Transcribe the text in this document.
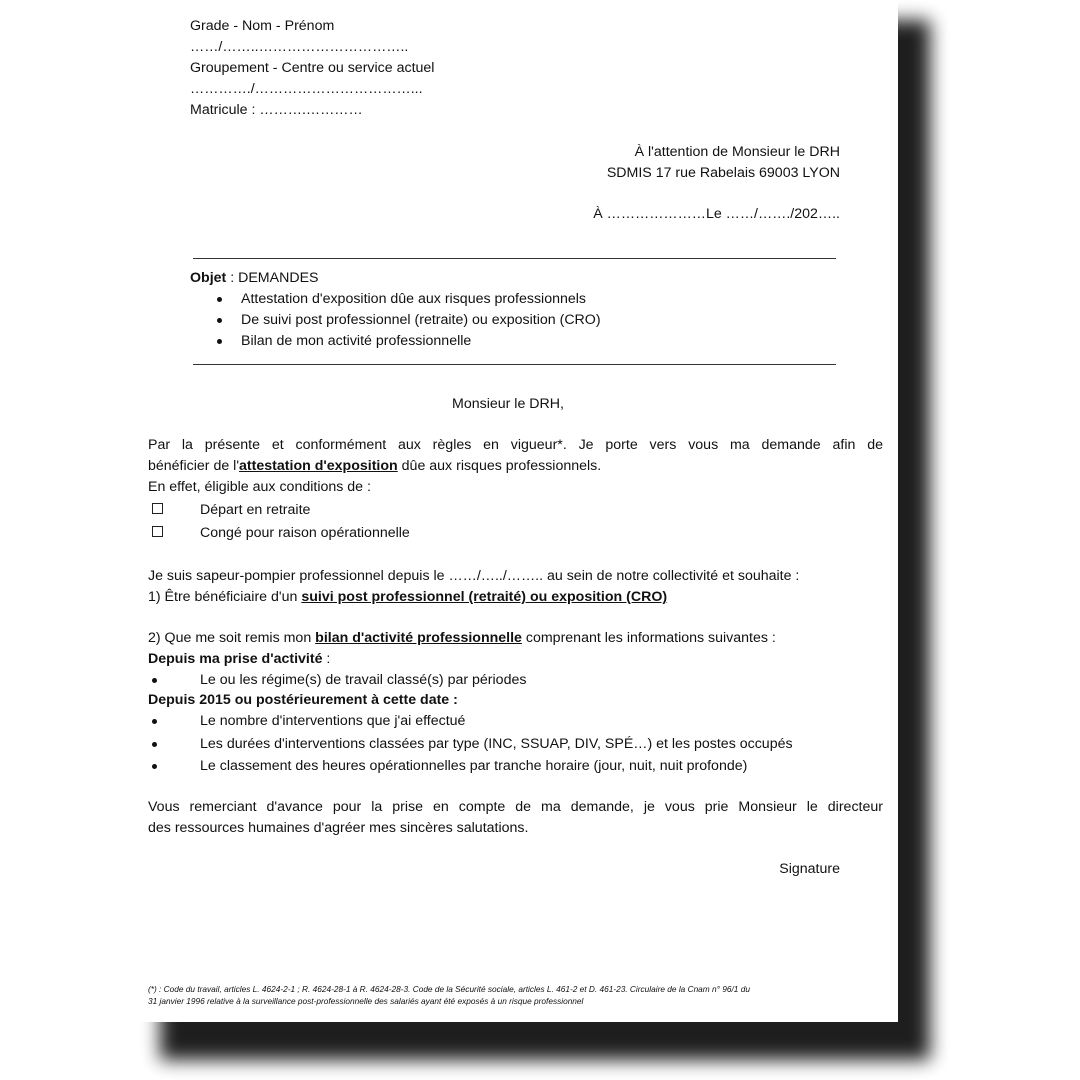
Grade - Nom - Prénom
……/……..…………………………..
Groupement - Centre ou service actuel
…………./……………………………...
Matricule : ……….…………
À l'attention de Monsieur le DRH
SDMIS 17 rue Rabelais 69003 LYON
À …………………Le ……/……./202…..
Objet : DEMANDES
Attestation d'exposition dûe aux risques professionnels
De suivi post professionnel (retraite) ou exposition (CRO)
Bilan de mon activité professionnelle
Monsieur le DRH,
Par la présente et conformément aux règles en vigueur*. Je porte vers vous ma demande afin de
bénéficier de l'attestation d'exposition dûe aux risques professionnels.
En effet, éligible aux conditions de :
Départ en retraite
Congé pour raison opérationnelle
Je suis sapeur-pompier professionnel depuis le ……/…../…….. au sein de notre collectivité et souhaite :
1) Être bénéficiaire d'un suivi post professionnel (retraité) ou exposition (CRO)
2) Que me soit remis mon bilan d'activité professionnelle comprenant les informations suivantes :
Depuis ma prise d'activité :
Le ou les régime(s) de travail classé(s) par périodes
Depuis 2015 ou postérieurement à cette date :
Le nombre d'interventions que j'ai effectué
Les durées d'interventions classées par type (INC, SSUAP, DIV, SPÉ…) et les postes occupés
Le classement des heures opérationnelles par tranche horaire (jour, nuit, nuit profonde)
Vous remerciant d'avance pour la prise en compte de ma demande, je vous prie Monsieur le directeur
des ressources humaines d'agréer mes sincères salutations.
Signature
(*) : Code du travail, articles L. 4624-2-1 ; R. 4624-28-1 à R. 4624-28-3. Code de la Sécurité sociale, articles L. 461-2 et D. 461-23. Circulaire de la Cnam n° 96/1 du
31 janvier 1996 relative à la surveillance post-professionnelle des salariés ayant été exposés à un risque professionnel
